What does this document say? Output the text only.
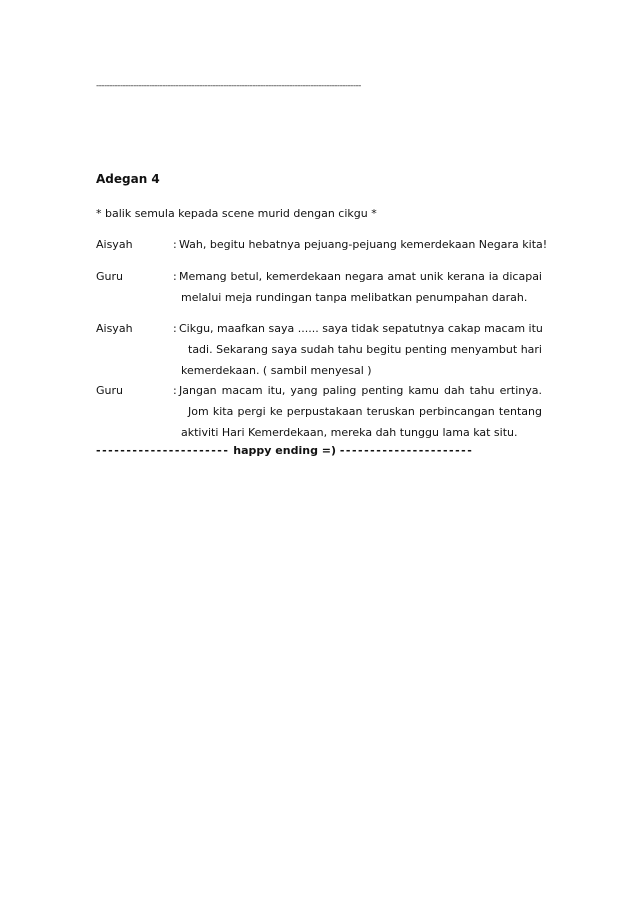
----------------------------------------------------------------------------------------------------
Adegan 4
* balik semula kepada scene murid dengan cikgu *
Aisyah	: Wah, begitu hebatnya pejuang-pejuang kemerdekaan Negara kita!
Guru	: Memang betul, kemerdekaan negara amat unik kerana ia dicapai
melalui meja rundingan tanpa melibatkan penumpahan darah.
Aisyah	: Cikgu, maafkan saya ...... saya tidak sepatutnya cakap macam itu
tadi. Sekarang saya sudah tahu begitu penting menyambut hari
kemerdekaan. ( sambil menyesal )
Guru	: Jangan macam itu, yang paling penting kamu dah tahu ertinya.
Jom kita pergi ke perpustakaan teruskan perbincangan tentang
aktiviti Hari Kemerdekaan, mereka dah tunggu lama kat situ.
---------------------- happy ending =) ----------------------
